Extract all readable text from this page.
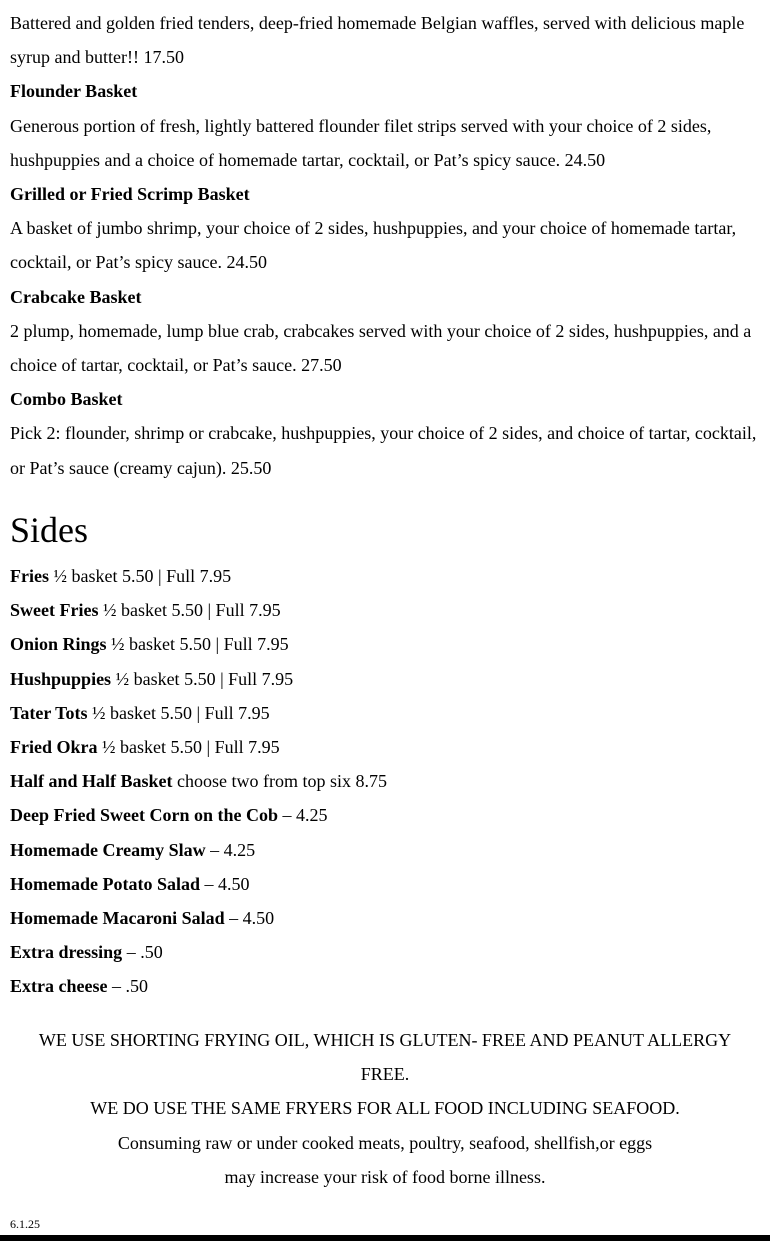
Battered and golden fried tenders, deep-fried homemade Belgian waffles, served with delicious maple syrup and butter!! 17.50

Flounder Basket

Generous portion of fresh, lightly battered flounder filet strips served with your choice of 2 sides, hushpuppies and a choice of homemade tartar, cocktail, or Pat’s spicy sauce. 24.50

Grilled or Fried Scrimp Basket

A basket of jumbo shrimp, your choice of 2 sides, hushpuppies, and your choice of homemade tartar, cocktail, or Pat’s spicy sauce. 24.50

Crabcake Basket

2 plump, homemade, lump blue crab, crabcakes served with your choice of 2 sides, hushpuppies, and a choice of tartar, cocktail, or Pat’s sauce. 27.50

Combo Basket

Pick 2: flounder, shrimp or crabcake, hushpuppies, your choice of 2 sides, and choice of tartar, cocktail, or Pat’s sauce (creamy cajun). 25.50

Sides

Fries ½ basket 5.50 | Full 7.95

Sweet Fries ½ basket 5.50 | Full 7.95

Onion Rings ½ basket 5.50 | Full 7.95

Hushpuppies ½ basket 5.50 | Full 7.95

Tater Tots ½ basket 5.50 | Full 7.95

Fried Okra ½ basket 5.50 | Full 7.95

Half and Half Basket choose two from top six 8.75

Deep Fried Sweet Corn on the Cob – 4.25

Homemade Creamy Slaw – 4.25

Homemade Potato Salad – 4.50

Homemade Macaroni Salad – 4.50

Extra dressing – .50

Extra cheese – .50

WE USE SHORTING FRYING OIL, WHICH IS GLUTEN- FREE AND PEANUT ALLERGY

FREE.

WE DO USE THE SAME FRYERS FOR ALL FOOD INCLUDING SEAFOOD.

Consuming raw or under cooked meats, poultry, seafood, shellfish,or eggs

may increase your risk of food borne illness.

6.1.25
